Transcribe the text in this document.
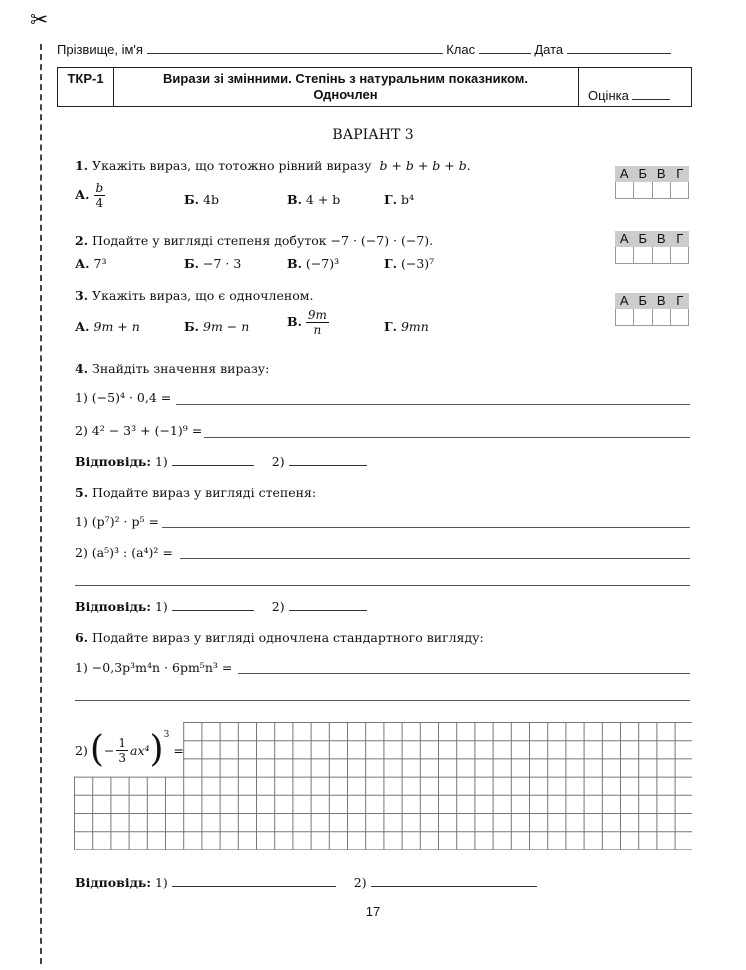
✂
Прізвище, ім'я	Клас	Дата
ТКР-1	Вирази зі змінними. Степінь з натуральним показником.
Одночлен	Оцінка
ВАРІАНТ 3
1. Укажіть вираз, що тотожно рівний виразу b + b + b + b.
А Б В Г
А. $\frac{b}{4}$	Б. 4b	В. 4 + b	Г. b⁴
2. Подайте у вигляді степеня добуток −7 · (−7) · (−7).	А Б В Г
А. 7³	Б. −7 · 3	В. (−7)³	Г. (−3)⁷
3. Укажіть вираз, що є одночленом.	А Б В Г
А. 9m + n	Б. 9m − n	В. $\frac{9m}{n}$	Г. 9mn
4. Знайдіть значення виразу:
1) (−5)⁴ · 0,4 =
2) 4² − 3³ + (−1)⁹ =
Відповідь: 1)	2)
5. Подайте вираз у вигляді степеня:
1) (p⁷)² · p⁵ =
2) (a⁵)³ : (a⁴)² =
Відповідь: 1)	2)
6. Подайте вираз у вигляді одночлена стандартного вигляду:
1) −0,3p³m⁴n · 6pm⁵n³ =
2) ( − $\frac{1}{3} ax^4$ ) 3
=
Відповідь: 1)	2)
17
